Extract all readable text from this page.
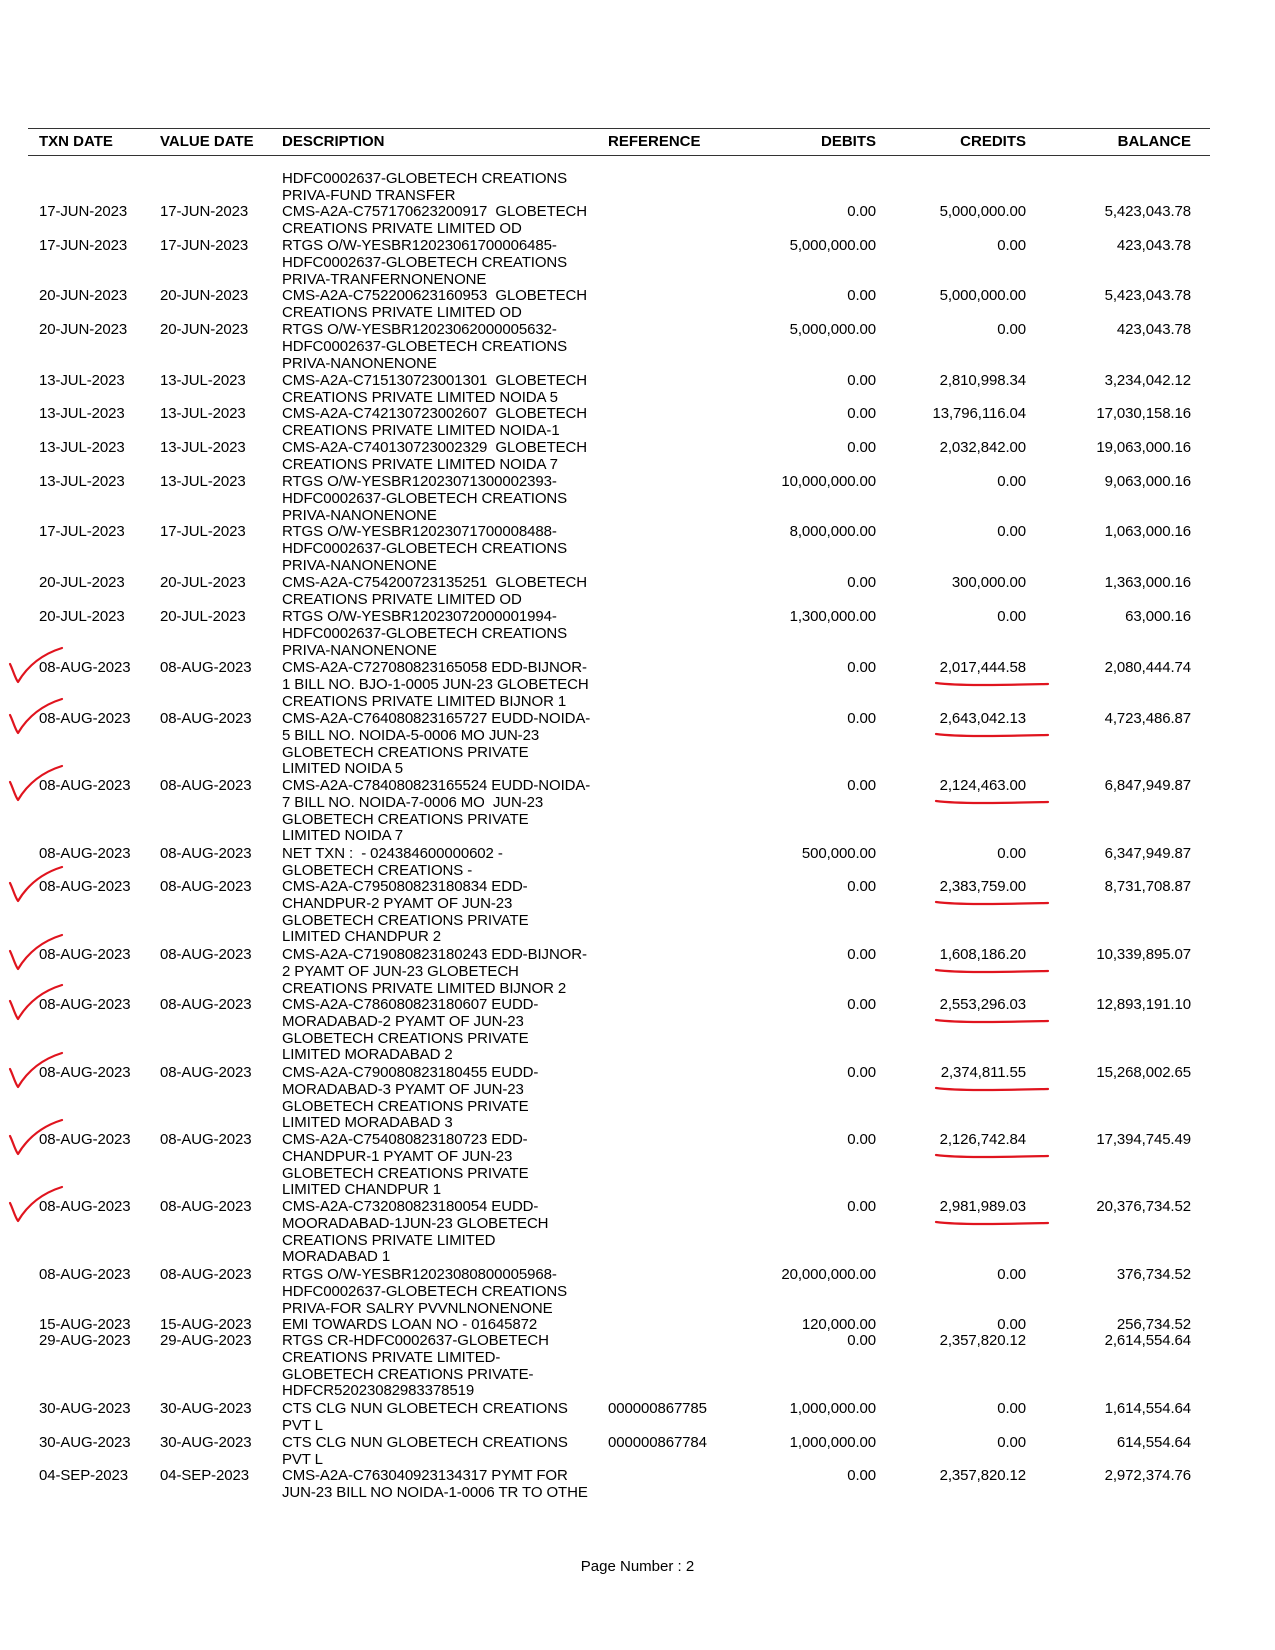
TXN DATE	VALUE DATE DESCRIPTION	REFERENCE	DEBITS	CREDITS	BALANCE
HDFC0002637-GLOBETECH CREATIONS
PRIVA-FUND TRANSFER
17-JUN-2023 17-JUN-2023 CMS-A2A-C757170623200917  GLOBETECH
CREATIONS PRIVATE LIMITED OD
0.00	5,000,000.00	5,423,043.78
17-JUN-2023 17-JUN-2023 RTGS O/W-YESBR12023061700006485-
HDFC0002637-GLOBETECH CREATIONS
PRIVA-TRANFERNONENONE
5,000,000.00	0.00	423,043.78
20-JUN-2023 20-JUN-2023 CMS-A2A-C752200623160953  GLOBETECH
CREATIONS PRIVATE LIMITED OD
0.00	5,000,000.00	5,423,043.78
20-JUN-2023 20-JUN-2023 RTGS O/W-YESBR12023062000005632-
HDFC0002637-GLOBETECH CREATIONS
PRIVA-NANONENONE
5,000,000.00	0.00	423,043.78
13-JUL-2023 13-JUL-2023 CMS-A2A-C715130723001301  GLOBETECH
CREATIONS PRIVATE LIMITED NOIDA 5
0.00	2,810,998.34	3,234,042.12
13-JUL-2023 13-JUL-2023 CMS-A2A-C742130723002607  GLOBETECH
CREATIONS PRIVATE LIMITED NOIDA-1
0.00	13,796,116.04	17,030,158.16
13-JUL-2023 13-JUL-2023 CMS-A2A-C740130723002329  GLOBETECH
CREATIONS PRIVATE LIMITED NOIDA 7
0.00	2,032,842.00	19,063,000.16
13-JUL-2023 13-JUL-2023 RTGS O/W-YESBR12023071300002393-
HDFC0002637-GLOBETECH CREATIONS
PRIVA-NANONENONE
10,000,000.00	0.00	9,063,000.16
17-JUL-2023 17-JUL-2023 RTGS O/W-YESBR12023071700008488-
HDFC0002637-GLOBETECH CREATIONS
PRIVA-NANONENONE
8,000,000.00	0.00	1,063,000.16
20-JUL-2023 20-JUL-2023 CMS-A2A-C754200723135251  GLOBETECH
CREATIONS PRIVATE LIMITED OD
0.00	300,000.00	1,363,000.16
20-JUL-2023 20-JUL-2023 RTGS O/W-YESBR12023072000001994-
HDFC0002637-GLOBETECH CREATIONS
PRIVA-NANONENONE
1,300,000.00	0.00	63,000.16
08-AUG-2023 08-AUG-2023 CMS-A2A-C727080823165058 EDD-BIJNOR-
1 BILL NO. BJO-1-0005 JUN-23 GLOBETECH
CREATIONS PRIVATE LIMITED BIJNOR 1
0.00	2,017,444.58	2,080,444.74
08-AUG-2023 08-AUG-2023 CMS-A2A-C764080823165727 EUDD-NOIDA-
5 BILL NO. NOIDA-5-0006 MO JUN-23
GLOBETECH CREATIONS PRIVATE
LIMITED NOIDA 5
0.00	2,643,042.13	4,723,486.87
08-AUG-2023 08-AUG-2023 CMS-A2A-C784080823165524 EUDD-NOIDA-
7 BILL NO. NOIDA-7-0006 MO  JUN-23
GLOBETECH CREATIONS PRIVATE
LIMITED NOIDA 7
0.00	2,124,463.00	6,847,949.87
08-AUG-2023 08-AUG-2023 NET TXN :  - 024384600000602 -
GLOBETECH CREATIONS -
500,000.00	0.00	6,347,949.87
08-AUG-2023 08-AUG-2023 CMS-A2A-C795080823180834 EDD-
CHANDPUR-2 PYAMT OF JUN-23
GLOBETECH CREATIONS PRIVATE
LIMITED CHANDPUR 2
0.00	2,383,759.00	8,731,708.87
08-AUG-2023 08-AUG-2023 CMS-A2A-C719080823180243 EDD-BIJNOR-
2 PYAMT OF JUN-23 GLOBETECH
CREATIONS PRIVATE LIMITED BIJNOR 2
0.00	1,608,186.20	10,339,895.07
08-AUG-2023 08-AUG-2023 CMS-A2A-C786080823180607 EUDD-
MORADABAD-2 PYAMT OF JUN-23
GLOBETECH CREATIONS PRIVATE
LIMITED MORADABAD 2
0.00	2,553,296.03	12,893,191.10
08-AUG-2023 08-AUG-2023 CMS-A2A-C790080823180455 EUDD-
MORADABAD-3 PYAMT OF JUN-23
GLOBETECH CREATIONS PRIVATE
LIMITED MORADABAD 3
0.00	2,374,811.55	15,268,002.65
08-AUG-2023 08-AUG-2023 CMS-A2A-C754080823180723 EDD-
CHANDPUR-1 PYAMT OF JUN-23
GLOBETECH CREATIONS PRIVATE
LIMITED CHANDPUR 1
0.00	2,126,742.84	17,394,745.49
08-AUG-2023 08-AUG-2023 CMS-A2A-C732080823180054 EUDD-
MOORADABAD-1JUN-23 GLOBETECH
CREATIONS PRIVATE LIMITED
MORADABAD 1
0.00	2,981,989.03	20,376,734.52
08-AUG-2023 08-AUG-2023 RTGS O/W-YESBR12023080800005968-
HDFC0002637-GLOBETECH CREATIONS
PRIVA-FOR SALRY PVVNLNONENONE
20,000,000.00	0.00	376,734.52
15-AUG-2023 15-AUG-2023 EMI TOWARDS LOAN NO - 01645872	120,000.00	0.00	256,734.52
29-AUG-2023 29-AUG-2023 RTGS CR-HDFC0002637-GLOBETECH
CREATIONS PRIVATE LIMITED-
GLOBETECH CREATIONS PRIVATE-
HDFCR52023082983378519
0.00	2,357,820.12	2,614,554.64
30-AUG-2023 30-AUG-2023 CTS CLG NUN GLOBETECH CREATIONS
PVT L
000000867785	1,000,000.00	0.00	1,614,554.64
30-AUG-2023 30-AUG-2023 CTS CLG NUN GLOBETECH CREATIONS
PVT L
000000867784	1,000,000.00	0.00	614,554.64
04-SEP-2023 04-SEP-2023 CMS-A2A-C763040923134317 PYMT FOR
JUN-23 BILL NO NOIDA-1-0006 TR TO OTHE
0.00	2,357,820.12	2,972,374.76
Page Number : 2
